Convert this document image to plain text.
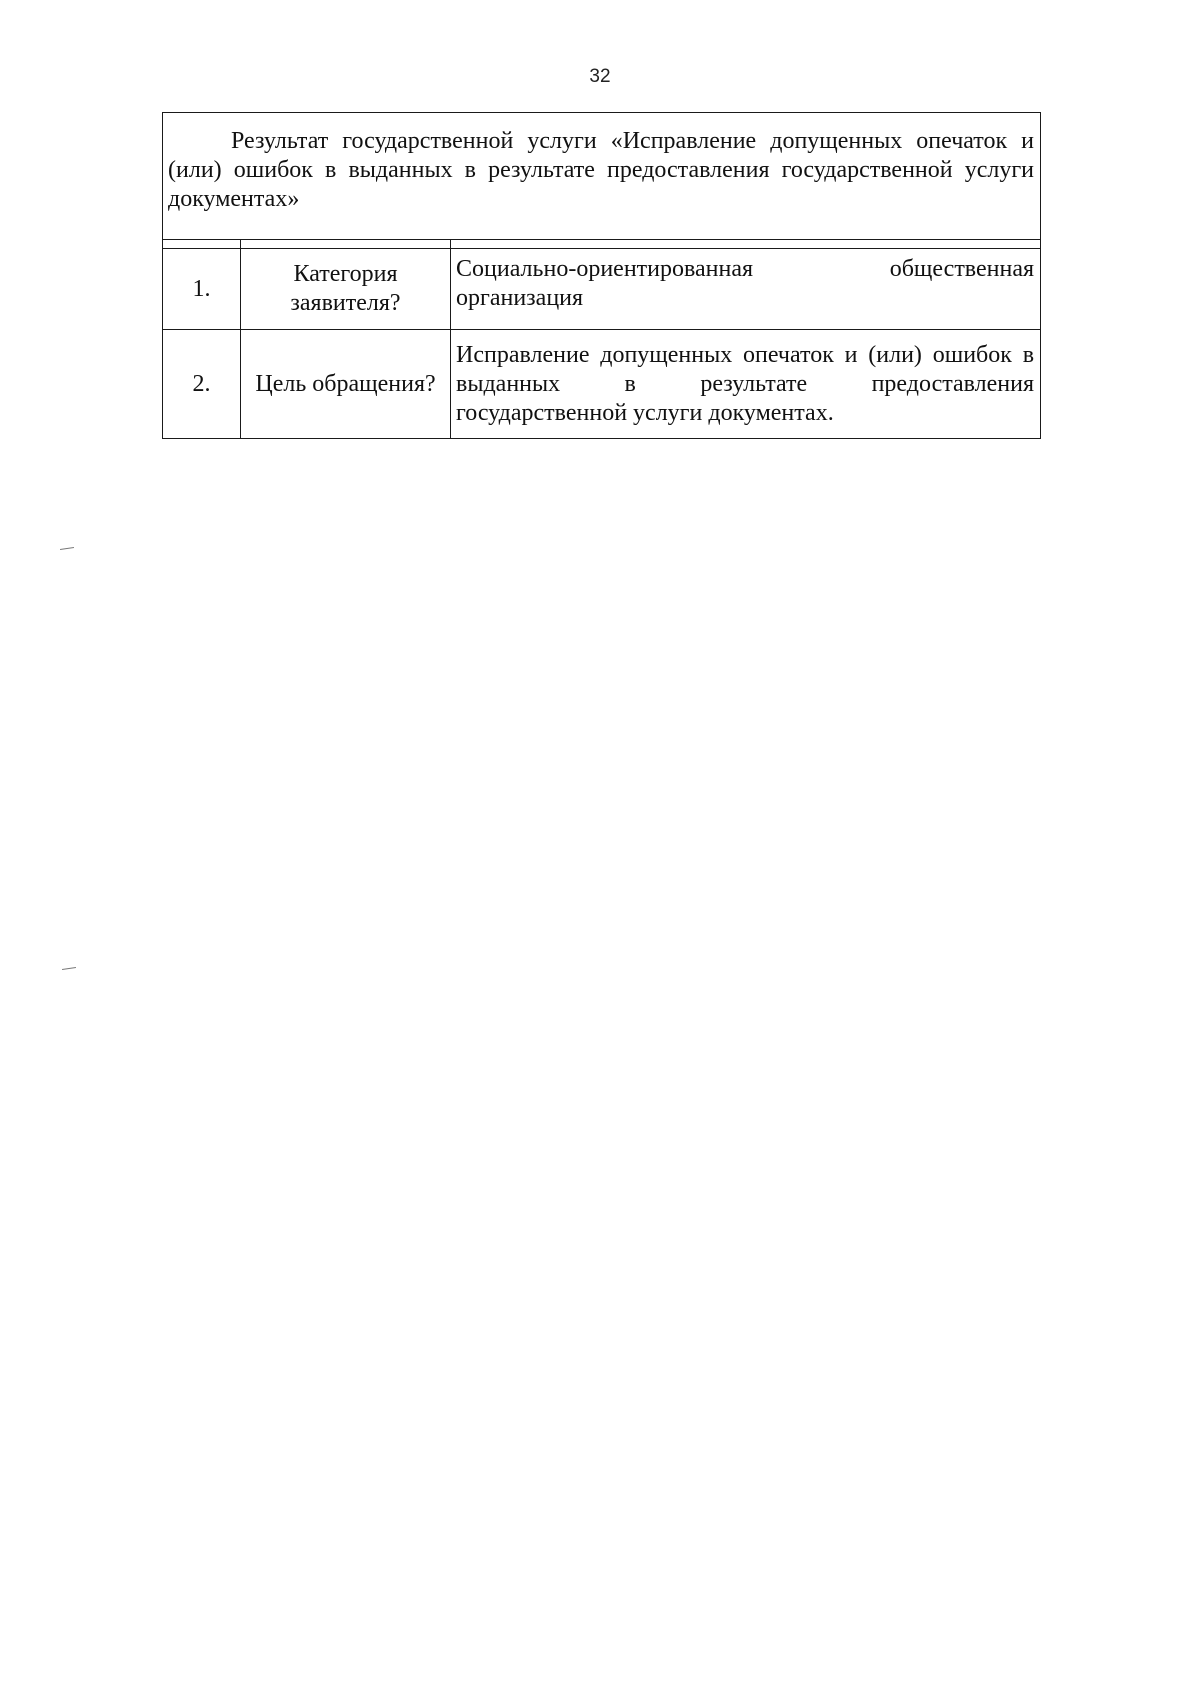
32
Результат государственной услуги «Исправление допущенных опечаток и (или) ошибок в выданных в результате предоставления государственной услуги документах»		

1.	Категория заявителя?	Социально-ориентированная общественная организация
2.	Цель обращения?	Исправление допущенных опечаток и (или) ошибок в выданных в результате предоставления государственной услуги документах.
